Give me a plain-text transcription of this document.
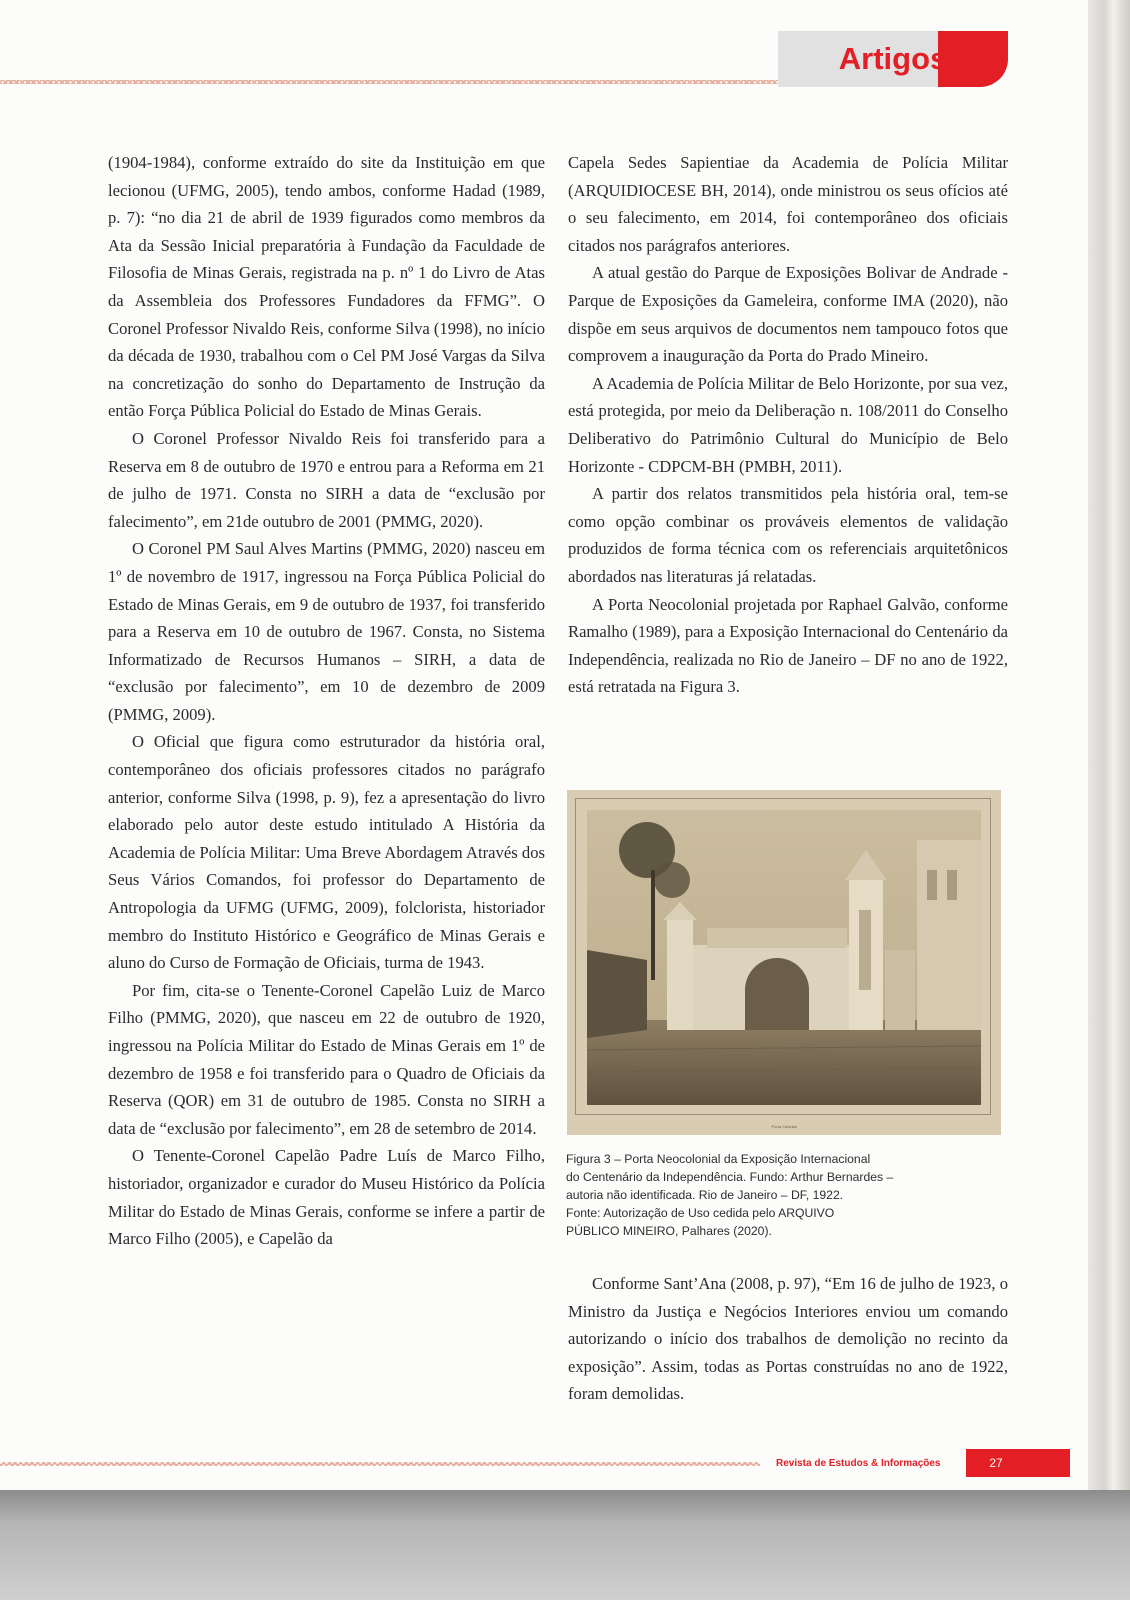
Artigos

(1904-1984), conforme extraído do site da Instituição em que lecionou (UFMG, 2005), tendo ambos, conforme Hadad (1989, p. 7): “no dia 21 de abril de 1939 figurados como membros da Ata da Sessão Inicial preparatória à Fundação da Faculdade de Filosofia de Minas Gerais, registrada na p. nº 1 do Livro de Atas da Assembleia dos Professores Fundadores da FFMG”. O Coronel Professor Nivaldo Reis, conforme Silva (1998), no início da década de 1930, trabalhou com o Cel PM José Vargas da Silva na concretização do sonho do Departamento de Instrução da então Força Pública Policial do Estado de Minas Gerais.

O Coronel Professor Nivaldo Reis foi transferido para a Reserva em 8 de outubro de 1970 e entrou para a Reforma em 21 de julho de 1971. Consta no SIRH a data de “exclusão por falecimento”, em 21de outubro de 2001 (PMMG, 2020).

O Coronel PM Saul Alves Martins (PMMG, 2020) nasceu em 1º de novembro de 1917, ingressou na Força Pública Policial do Estado de Minas Gerais, em 9 de outubro de 1937, foi transferido para a Reserva em 10 de outubro de 1967. Consta, no Sistema Informatizado de Recursos Humanos – SIRH, a data de “exclusão por falecimento”, em 10 de dezembro de 2009 (PMMG, 2009).

O Oficial que figura como estruturador da história oral, contemporâneo dos oficiais professores citados no parágrafo anterior, conforme Silva (1998, p. 9), fez a apresentação do livro elaborado pelo autor deste estudo intitulado A História da Academia de Polícia Militar: Uma Breve Abordagem Através dos Seus Vários Comandos, foi professor do Departamento de Antropologia da UFMG (UFMG, 2009), folclorista, historiador membro do Instituto Histórico e Geográfico de Minas Gerais e aluno do Curso de Formação de Oficiais, turma de 1943.

Por fim, cita-se o Tenente-Coronel Capelão Luiz de Marco Filho (PMMG, 2020), que nasceu em 22 de outubro de 1920, ingressou na Polícia Militar do Estado de Minas Gerais em 1º de dezembro de 1958 e foi transferido para o Quadro de Oficiais da Reserva (QOR) em 31 de outubro de 1985. Consta no SIRH a data de “exclusão por falecimento”, em 28 de setembro de 2014.

O Tenente-Coronel Capelão Padre Luís de Marco Filho, historiador, organizador e curador do Museu Histórico da Polícia Militar do Estado de Minas Gerais, conforme se infere a partir de Marco Filho (2005), e Capelão da

Capela Sedes Sapientiae da Academia de Polícia Militar (ARQUIDIOCESE BH, 2014), onde ministrou os seus ofícios até o seu falecimento, em 2014, foi contemporâneo dos oficiais citados nos parágrafos anteriores.

A atual gestão do Parque de Exposições Bolivar de Andrade - Parque de Exposições da Gameleira, conforme IMA (2020), não dispõe em seus arquivos de documentos nem tampouco fotos que comprovem a inauguração da Porta do Prado Mineiro.

A Academia de Polícia Militar de Belo Horizonte, por sua vez, está protegida, por meio da Deliberação n. 108/2011 do Conselho Deliberativo do Patrimônio Cultural do Município de Belo Horizonte - CDPCM-BH (PMBH, 2011).

A partir dos relatos transmitidos pela história oral, tem-se como opção combinar os prováveis elementos de validação produzidos de forma técnica com os referenciais arquitetônicos abordados nas literaturas já relatadas.

A Porta Neocolonial projetada por Raphael Galvão, conforme Ramalho (1989), para a Exposição Internacional do Centenário da Independência, realizada no Rio de Janeiro – DF no ano de 1922, está retratada na Figura 3.

Porta Colonial
Figura 3 – Porta Neocolonial da Exposição Internacional
do Centenário da Independência. Fundo: Arthur Bernardes –
autoria não identificada. Rio de Janeiro – DF, 1922.
Fonte: Autorização de Uso cedida pelo ARQUIVO
PÚBLICO MINEIRO, Palhares (2020).

Conforme Sant’Ana (2008, p. 97), “Em 16 de julho de 1923, o Ministro da Justiça e Negócios Interiores enviou um comando autorizando o início dos trabalhos de demolição no recinto da exposição”. Assim, todas as Portas construídas no ano de 1922, foram demolidas.

Revista de Estudos & Informações	27
